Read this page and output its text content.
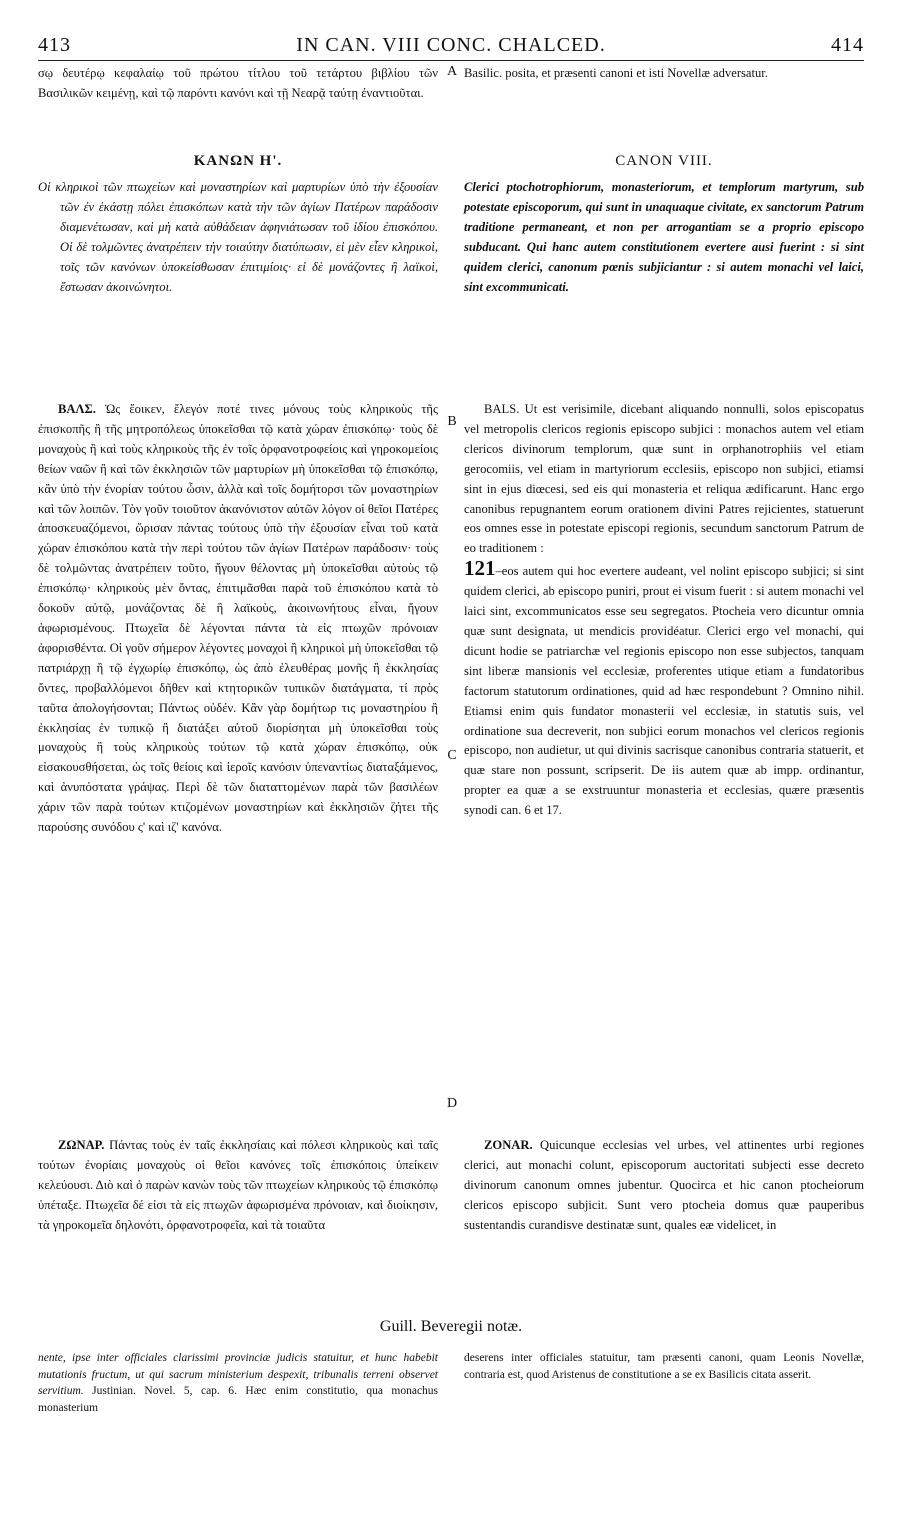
413	IN CAN. VIII CONC. CHALCED.	414
A
B
C
D

σῳ δευτέρῳ κεφαλαίῳ τοῦ πρώτου τίτλου τοῦ τετάρτου βιβλίου τῶν Βασιλικῶν κειμένῃ, καὶ τῷ παρόντι κανόνι καὶ τῇ Νεαρᾷ ταύτῃ ἐναντιοῦται.

ΚΑΝΩΝ Η'.

Οἱ κληρικοὶ τῶν πτωχείων καὶ μοναστηρίων καὶ μαρτυρίων ὑπὸ τὴν ἐξουσίαν τῶν ἐν ἑκάστῃ πόλει ἐπισκόπων κατὰ τὴν τῶν ἁγίων Πατέρων παράδοσιν διαμενέτωσαν, καὶ μὴ κατὰ αὐθάδειαν ἀφηνιάτωσαν τοῦ ἰδίου ἐπισκόπου. Οἱ δὲ τολμῶντες ἀνατρέπειν τὴν τοιαύτην διατύπωσιν, εἰ μὲν εἶεν κληρικοὶ, τοῖς τῶν κανόνων ὑποκείσθωσαν ἐπιτιμίοις· εἰ δὲ μονάζοντες ἢ λαϊκοὶ, ἔστωσαν ἀκοινώνητοι.

ΒΑΛΣ. Ὡς ἔοικεν, ἔλεγόν ποτέ τινες μόνους τοὺς κληρικοὺς τῆς ἐπισκοπῆς ἢ τῆς μητροπόλεως ὑποκεῖσθαι τῷ κατὰ χώραν ἐπισκόπῳ· τοὺς δὲ μοναχοὺς ἢ καὶ τοὺς κληρικοὺς τῆς ἐν τοῖς ὀρφανοτροφείοις καὶ γηροκομείοις θείων ναῶν ἢ καὶ τῶν ἐκκλησιῶν τῶν μαρτυρίων μὴ ὑποκεῖσθαι τῷ ἐπισκόπῳ, κἂν ὑπὸ τὴν ἐνορίαν τούτου ὦσιν, ἀλλὰ καὶ τοῖς δομήτορσι τῶν μοναστηρίων καὶ τῶν λοιπῶν. Τὸν γοῦν τοιοῦτον ἀκανόνιστον αὐτῶν λόγον οἱ θεῖοι Πατέρες ἀποσκευαζόμενοι, ὥρισαν πάντας τούτους ὑπὸ τὴν ἐξουσίαν εἶναι τοῦ κατὰ χώραν ἐπισκόπου κατὰ τὴν περὶ τούτου τῶν ἁγίων Πατέρων παράδοσιν· τοὺς δὲ τολμῶντας ἀνατρέπειν τοῦτο, ἤγουν θέλοντας μὴ ὑποκεῖσθαι αὐτοὺς τῷ ἐπισκόπῳ· κληρικοὺς μὲν ὄντας, ἐπιτιμᾶσθαι παρὰ τοῦ ἐπισκόπου κατὰ τὸ δοκοῦν αὐτῷ, μονάζοντας δὲ ἢ λαϊκοὺς, ἀκοινωνήτους εἶναι, ἤγουν ἀφωρισμένους. Πτωχεῖα δὲ λέγονται πάντα τὰ εἰς πτωχῶν πρόνοιαν ἀφορισθέντα. Οἱ γοῦν σήμερον λέγοντες μοναχοὶ ἢ κληρικοὶ μὴ ὑποκεῖσθαι τῷ πατριάρχῃ ἢ τῷ ἐγχωρίῳ ἐπισκόπῳ, ὡς ἀπὸ ἐλευθέρας μονῆς ἢ ἐκκλησίας ὄντες, προβαλλόμενοι δῆθεν καὶ κτητορικῶν τυπικῶν διατάγματα, τί πρὸς ταῦτα ἀπολογήσονται; Πάντως οὐδέν. Κἂν γὰρ δομήτωρ τις μοναστηρίου ἢ ἐκκλησίας ἐν τυπικῷ ἢ διατάξει αὐτοῦ διορίσηται μὴ ὑποκεῖσθαι τοὺς μοναχοὺς ἢ τοὺς κληρικοὺς τούτων τῷ κατὰ χώραν ἐπισκόπῳ, οὐκ εἰσακουσθήσεται, ὡς τοῖς θείοις καὶ ἱεροῖς κανόσιν ὑπεναντίως διαταξάμενος, καὶ ἀνυπόστατα γράψας. Περὶ δὲ τῶν διαταττομένων παρὰ τῶν βασιλέων χάριν τῶν παρὰ τούτων κτιζομένων μοναστηρίων καὶ ἐκκλησιῶν ζήτει τῆς παρούσης συνόδου ς' καὶ ιζ' κανόνα.

ΖΩΝΑΡ. Πάντας τοὺς ἐν ταῖς ἐκκλησίαις καὶ πόλεσι κληρικοὺς καὶ ταῖς τούτων ἐνορίαις μοναχοὺς οἱ θεῖοι κανόνες τοῖς ἐπισκόποις ὑπείκειν κελεύουσι. Διὸ καὶ ὁ παρὼν κανὼν τοὺς τῶν πτωχείων κληρικοὺς τῷ ἐπισκόπῳ ὑπέταξε. Πτωχεῖα δέ εἰσι τὰ εἰς πτωχῶν ἀφωρισμένα πρόνοιαν, καὶ διοίκησιν, τὰ γηροκομεῖα δηλονότι, ὀρφανοτροφεῖα, καὶ τὰ τοιαῦτα

Basilic. posita, et præsenti canoni et isti Novellæ adversatur.

CANON VIII.

Clerici ptochotrophiorum, monasteriorum, et templorum martyrum, sub potestate episcoporum, qui sunt in unaquaque civitate, ex sanctorum Patrum traditione permaneant, et non per arrogantiam se a proprio episcopo subducant. Qui hanc autem constitutionem evertere ausi fuerint : si sint quidem clerici, canonum pœnis subjiciantur : si autem monachi vel laici, sint excommunicati.

BALS. Ut est verisimile, dicebant aliquando nonnulli, solos episcopatus vel metropolis clericos regionis episcopo subjici : monachos autem vel etiam clericos divinorum templorum, quæ sunt in orphanotrophiis vel etiam gerocomiis, vel etiam in martyriorum ecclesiis, episcopo non subjici, etiamsi sint in ejus diœcesi, sed eis qui monasteria et reliqua ædificarunt. Hanc ergo canonibus repugnantem eorum orationem divini Patres rejicientes, statuerunt eos omnes esse in potestate episcopi regionis, secundum sanctorum Patrum de eo traditionem :

121–eos autem qui hoc evertere audeant, vel nolint episcopo subjici; si sint quidem clerici, ab episcopo puniri, prout ei visum fuerit : si autem monachi vel laici sint, excommunicatos esse seu segregatos. Ptocheia vero dicuntur omnia quæ sunt designata, ut mendicis providéatur. Clerici ergo vel monachi, qui dicunt hodie se patriarchæ vel regionis episcopo non esse subjectos, tanquam sint liberæ mansionis vel ecclesiæ, proferentes utique etiam a fundatoribus factorum statutorum ordinationes, quid ad hæc respondebunt ? Omnino nihil. Etiamsi enim quis fundator monasterii vel ecclesiæ, in statutis suis, vel ordinatione sua decreverit, non subjici eorum monachos vel clericos regionis episcopo, non audietur, ut qui divinis sacrisque canonibus contraria statuerit, et quæ stare non possunt, scripserit. De iis autem quæ ab impp. ordinantur, propter ea quæ a se exstruuntur monasteria et ecclesias, quære præsentis synodi can. 6 et 17.

ZONAR. Quicunque ecclesias vel urbes, vel attinentes urbi regiones clerici, aut monachi colunt, episcoporum auctoritati subjecti esse decreto divinorum canonum omnes jubentur. Quocirca et hic canon ptocheiorum clericos episcopo subjicit. Sunt vero ptocheia domus quæ pauperibus sustentandis curandisve destinatæ sunt, quales eæ videlicet, in

Guill. Beveregii notæ.

nente, ipse inter officiales clarissimi provinciæ judicis statuitur, et hunc habebit mutationis fructum, ut qui sacrum ministerium despexit, tribunalis terreni observet servitium. Justinian. Novel. 5, cap. 6. Hæc enim constitutio, qua monachus monasterium

deserens inter officiales statuitur, tam præsenti canoni, quam Leonis Novellæ, contraria est, quod Aristenus de constitutione a se ex Basilicis citata asserit.
